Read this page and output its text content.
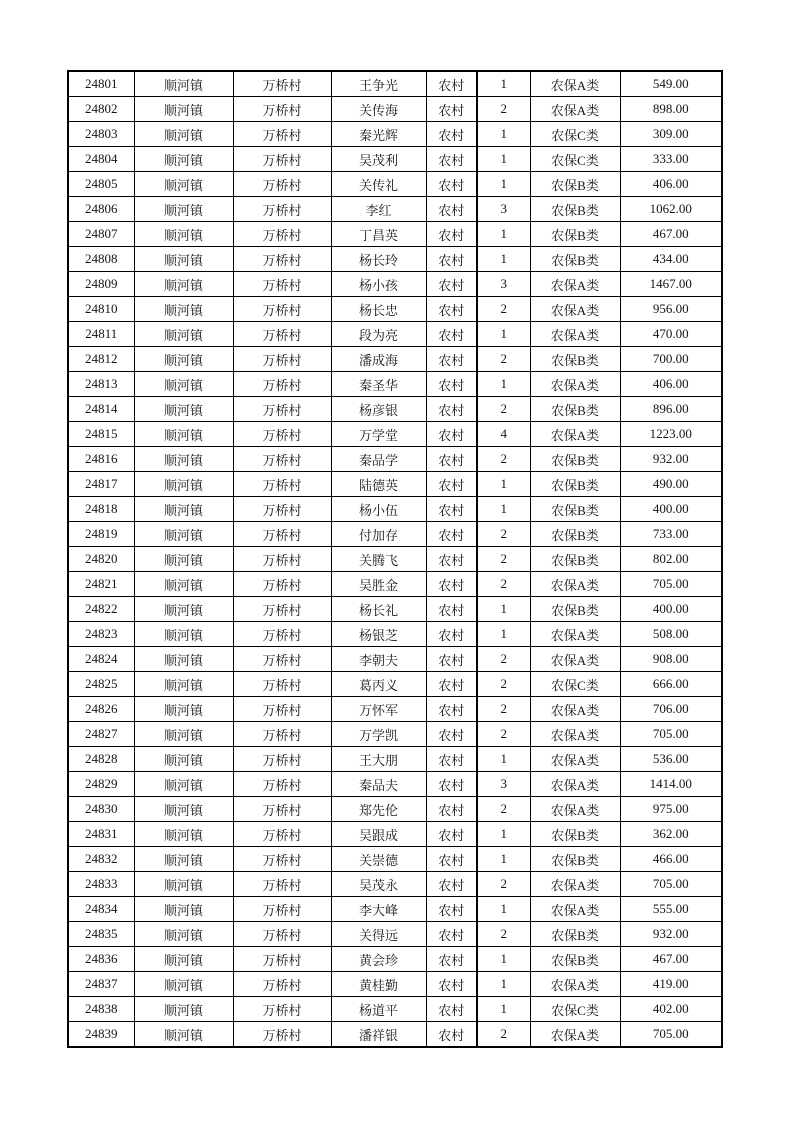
24801	顺河镇	万桥村	王争光	农村	1	农保A类	549.00
24802	顺河镇	万桥村	关传海	农村	2	农保A类	898.00
24803	顺河镇	万桥村	秦光辉	农村	1	农保C类	309.00
24804	顺河镇	万桥村	吴茂利	农村	1	农保C类	333.00
24805	顺河镇	万桥村	关传礼	农村	1	农保B类	406.00
24806	顺河镇	万桥村	李红	农村	3	农保B类	1062.00
24807	顺河镇	万桥村	丁昌英	农村	1	农保B类	467.00
24808	顺河镇	万桥村	杨长玲	农村	1	农保B类	434.00
24809	顺河镇	万桥村	杨小孩	农村	3	农保A类	1467.00
24810	顺河镇	万桥村	杨长忠	农村	2	农保A类	956.00
24811	顺河镇	万桥村	段为亮	农村	1	农保A类	470.00
24812	顺河镇	万桥村	潘成海	农村	2	农保B类	700.00
24813	顺河镇	万桥村	秦圣华	农村	1	农保A类	406.00
24814	顺河镇	万桥村	杨彦银	农村	2	农保B类	896.00
24815	顺河镇	万桥村	万学堂	农村	4	农保A类	1223.00
24816	顺河镇	万桥村	秦品学	农村	2	农保B类	932.00
24817	顺河镇	万桥村	陆德英	农村	1	农保B类	490.00
24818	顺河镇	万桥村	杨小伍	农村	1	农保B类	400.00
24819	顺河镇	万桥村	付加存	农村	2	农保B类	733.00
24820	顺河镇	万桥村	关腾飞	农村	2	农保B类	802.00
24821	顺河镇	万桥村	吴胜金	农村	2	农保A类	705.00
24822	顺河镇	万桥村	杨长礼	农村	1	农保B类	400.00
24823	顺河镇	万桥村	杨银芝	农村	1	农保A类	508.00
24824	顺河镇	万桥村	李朝夫	农村	2	农保A类	908.00
24825	顺河镇	万桥村	葛丙义	农村	2	农保C类	666.00
24826	顺河镇	万桥村	万怀军	农村	2	农保A类	706.00
24827	顺河镇	万桥村	万学凯	农村	2	农保A类	705.00
24828	顺河镇	万桥村	王大朋	农村	1	农保A类	536.00
24829	顺河镇	万桥村	秦品夫	农村	3	农保A类	1414.00
24830	顺河镇	万桥村	郑先伦	农村	2	农保A类	975.00
24831	顺河镇	万桥村	吴跟成	农村	1	农保B类	362.00
24832	顺河镇	万桥村	关崇德	农村	1	农保B类	466.00
24833	顺河镇	万桥村	吴茂永	农村	2	农保A类	705.00
24834	顺河镇	万桥村	李大峰	农村	1	农保A类	555.00
24835	顺河镇	万桥村	关得远	农村	2	农保B类	932.00
24836	顺河镇	万桥村	黄会珍	农村	1	农保B类	467.00
24837	顺河镇	万桥村	黄桂勤	农村	1	农保A类	419.00
24838	顺河镇	万桥村	杨道平	农村	1	农保C类	402.00
24839	顺河镇	万桥村	潘祥银	农村	2	农保A类	705.00
